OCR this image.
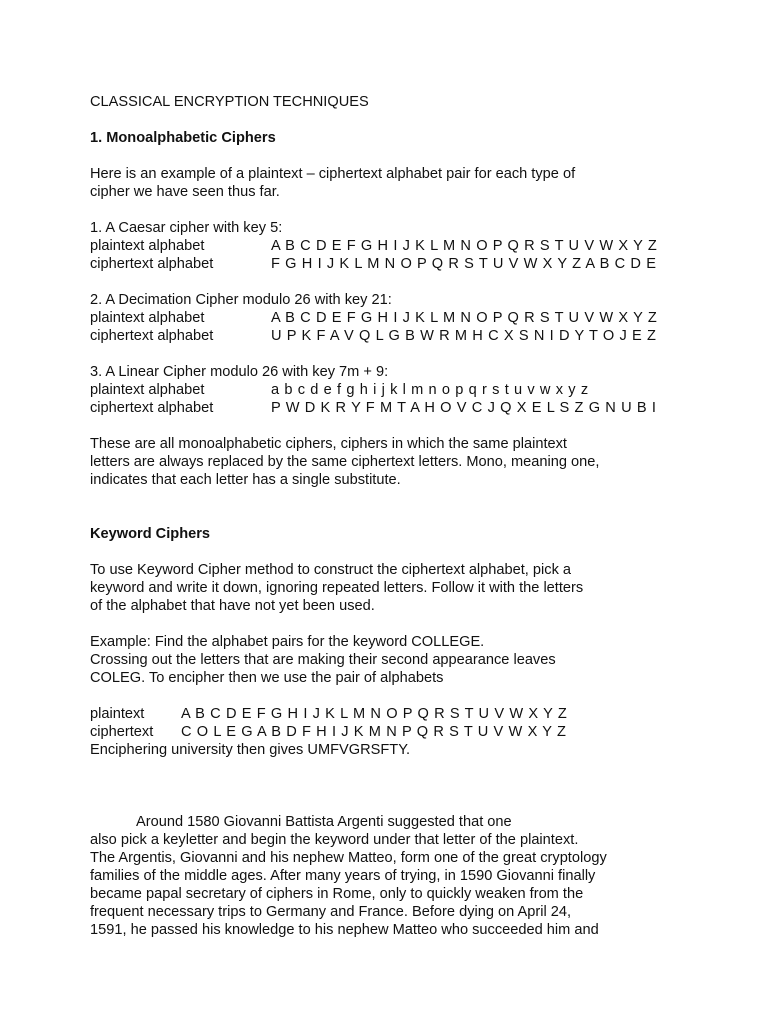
CLASSICAL ENCRYPTION TECHNIQUES
1. Monoalphabetic Ciphers
Here is an example of a plaintext – ciphertext alphabet pair for each type of
cipher we have seen thus far.
1. A Caesar cipher with key 5:
plaintext alphabet	A B C D E F G H I J K L M N O P Q R S T U V W X Y Z
ciphertext alphabet	F G H I J K L M N O P Q R S T U V W X Y Z A B C D E
2. A Decimation Cipher modulo 26 with key 21:
plaintext alphabet	A B C D E F G H I J K L M N O P Q R S T U V W X Y Z
ciphertext alphabet	U P K F A V Q L G B W R M H C X S N I D Y T O J E Z
3. A Linear Cipher modulo 26 with key 7m + 9:
plaintext alphabet	a b c d e f g h i j k l m n o p q r s t u v w x y z
ciphertext alphabet	P W D K R Y F M T A H O V C J Q X E L S Z G N U B I
These are all monoalphabetic ciphers, ciphers in which the same plaintext
letters are always replaced by the same ciphertext letters. Mono, meaning one,
indicates that each letter has a single substitute.
Keyword Ciphers
To use Keyword Cipher method to construct the ciphertext alphabet, pick a
keyword and write it down, ignoring repeated letters. Follow it with the letters
of the alphabet that have not yet been used.
Example: Find the alphabet pairs for the keyword COLLEGE.
Crossing out the letters that are making their second appearance leaves
COLEG. To encipher then we use the pair of alphabets
plaintext	A B C D E F G H I J K L M N O P Q R S T U V W X Y Z
ciphertext C O L E G A B D F H I J K M N P Q R S T U V W X Y Z
Enciphering university then gives UMFVGRSFTY.
Around 1580 Giovanni Battista Argenti suggested that one
also pick a keyletter and begin the keyword under that letter of the plaintext.
The Argentis, Giovanni and his nephew Matteo, form one of the great cryptology
families of the middle ages. After many years of trying, in 1590 Giovanni finally
became papal secretary of ciphers in Rome, only to quickly weaken from the
frequent necessary trips to Germany and France. Before dying on April 24,
1591, he passed his knowledge to his nephew Matteo who succeeded him and
